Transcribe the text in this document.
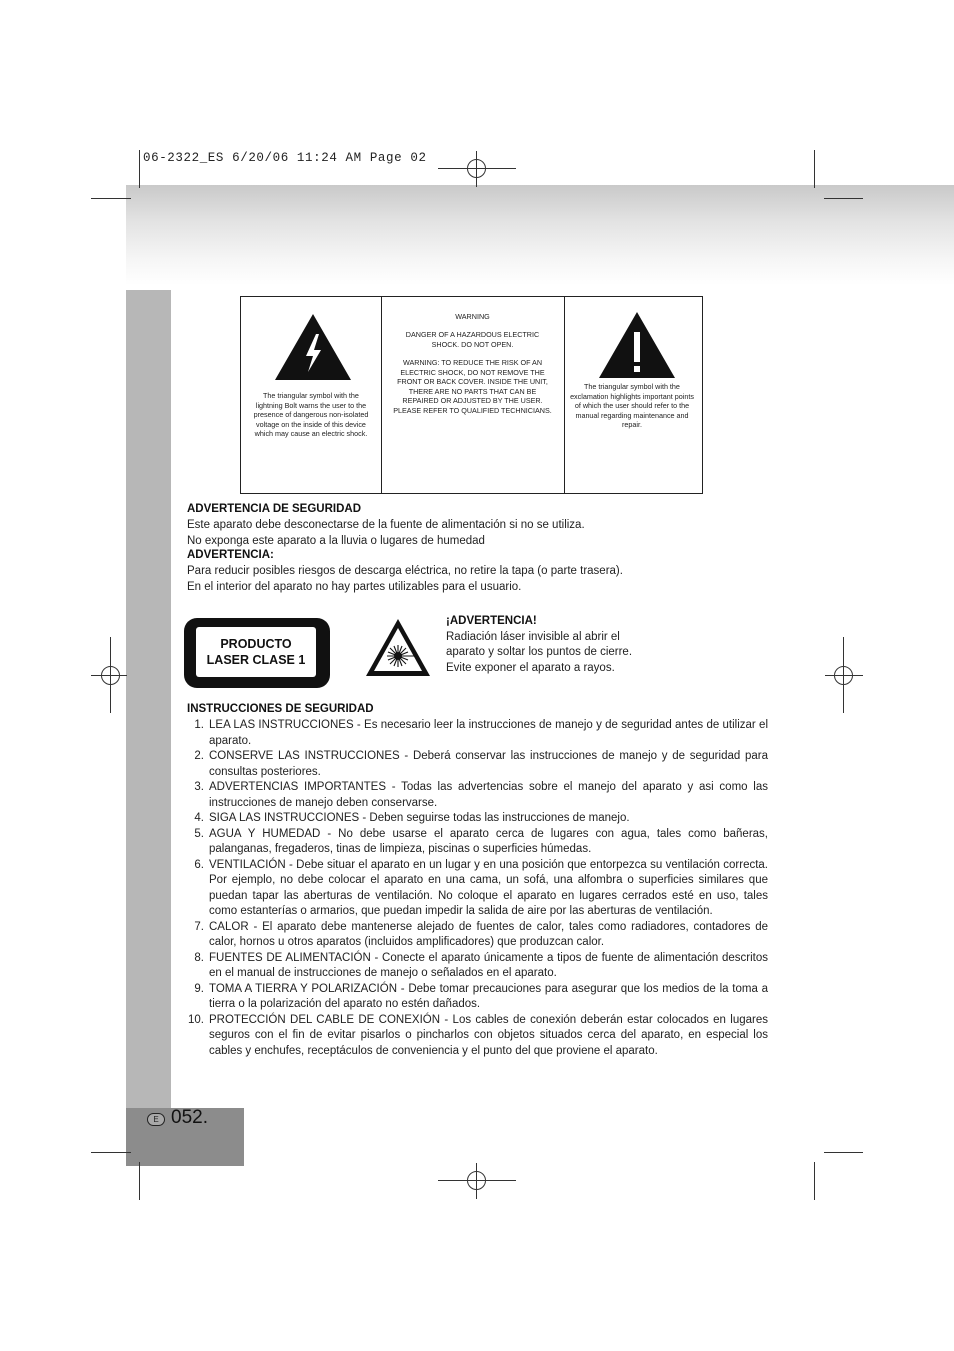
06-2322_ES 6/20/06 11:24 AM Page 02
The triangular symbol with the lightning Bolt warns the user to the presence of dangerous non-isolated voltage on the inside of this device which may cause an electric shock.
WARNING
DANGER OF A HAZARDOUS ELECTRIC SHOCK. DO NOT OPEN.
WARNING: TO REDUCE THE RISK OF AN ELECTRIC SHOCK, DO NOT REMOVE THE FRONT OR BACK COVER. INSIDE THE UNIT, THERE ARE NO PARTS THAT CAN BE REPAIRED OR ADJUSTED BY THE USER. PLEASE REFER TO QUALIFIED TECHNICIANS.
The triangular symbol with the exclamation highlights important points of which the user should refer to the manual regarding maintenance and repair.
ADVERTENCIA DE SEGURIDAD
Este aparato debe desconectarse de la fuente de alimentación si no se utiliza.
No exponga este aparato a la lluvia o lugares de humedad
ADVERTENCIA:
Para reducir posibles riesgos de descarga eléctrica, no retire la tapa (o parte trasera).
En el interior del aparato no hay partes utilizables para el usuario.
PRODUCTO
LASER CLASE 1
¡ADVERTENCIA!
Radiación láser invisible al abrir el
aparato y soltar los puntos de cierre.
Evite exponer el aparato a rayos.
INSTRUCCIONES DE SEGURIDAD
1. LEA LAS INSTRUCCIONES - Es necesario leer la instrucciones de manejo y de seguridad antes de utilizar el aparato.
2. CONSERVE LAS INSTRUCCIONES - Deberá conservar las instrucciones de manejo y de seguridad para consultas posteriores.
3. ADVERTENCIAS IMPORTANTES - Todas las advertencias sobre el manejo del aparato y asi como las instrucciones de manejo deben conservarse.
4. SIGA LAS INSTRUCCIONES - Deben seguirse todas las instrucciones de manejo.
5. AGUA Y HUMEDAD - No debe usarse el aparato cerca de lugares con agua, tales como bañeras, palanganas, fregaderos, tinas de limpieza, piscinas o superficies húmedas.
6. VENTILACIÓN - Debe situar el aparato en un lugar y en una posición que entorpezca su ventilación correcta. Por ejemplo, no debe colocar el aparato en una cama, un sofá, una alfombra o superficies similares que puedan tapar las aberturas de ventilación. No coloque el aparato en lugares cerrados esté en uso, tales como estanterías o armarios, que puedan impedir la salida de aire por las aberturas de ventilación.
7. CALOR - El aparato debe mantenerse alejado de fuentes de calor, tales como radiadores, contadores de calor, hornos u otros aparatos (incluidos amplificadores) que produzcan calor.
8. FUENTES DE ALIMENTACIÓN - Conecte el aparato únicamente a tipos de fuente de alimentación descritos en el manual de instrucciones de manejo o señalados en el aparato.
9. TOMA A TIERRA Y POLARIZACIÓN - Debe tomar precauciones para asegurar que los medios de la toma a tierra o la polarización del aparato no estén dañados.
10. PROTECCIÓN DEL CABLE DE CONEXIÓN - Los cables de conexión deberán estar colocados en lugares seguros con el fin de evitar pisarlos o pincharlos con objetos situados cerca del aparato, en especial los cables y enchufes, receptáculos de conveniencia y el punto del que proviene el aparato.
E 052.
